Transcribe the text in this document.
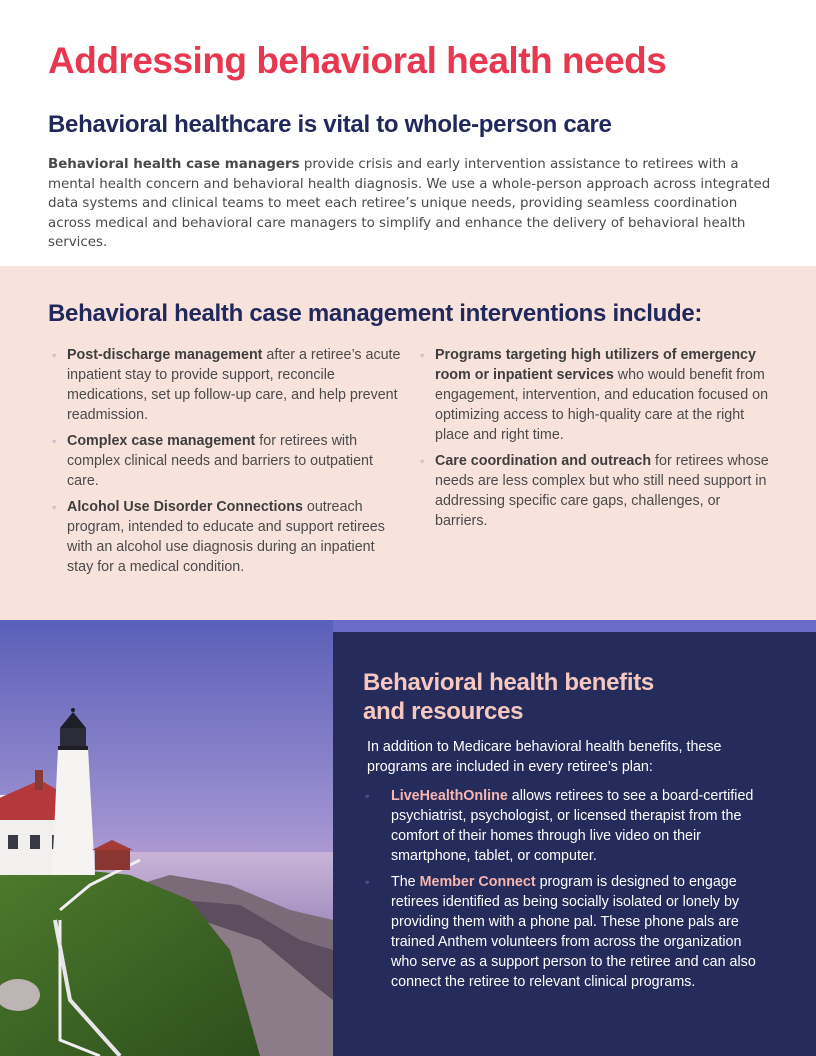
Addressing behavioral health needs
Behavioral healthcare is vital to whole-person care

Behavioral health case managers provide crisis and early intervention assistance to retirees with a mental health concern and behavioral health diagnosis. We use a whole-person approach across integrated data systems and clinical teams to meet each retiree’s unique needs, providing seamless coordination across medical and behavioral care managers to simplify and enhance the delivery of behavioral health services.

Behavioral health case management interventions include:
◦ Post-discharge management after a retiree’s acute inpatient stay to provide support, reconcile medications, set up follow-up care, and help prevent readmission.
◦ Complex case management for retirees with complex clinical needs and barriers to outpatient care.
◦ Alcohol Use Disorder Connections outreach program, intended to educate and support retirees with an alcohol use diagnosis during an inpatient stay for a medical condition.
◦ Programs targeting high utilizers of emergency room or inpatient services who would benefit from engagement, intervention, and education focused on optimizing access to high-quality care at the right place and right time.
◦ Care coordination and outreach for retirees whose needs are less complex but who still need support in addressing specific care gaps, challenges, or barriers.
Behavioral health benefits
and resources

In addition to Medicare behavioral health benefits, these programs are included in every retiree’s plan:

◦ LiveHealthOnline allows retirees to see a board-certified psychiatrist, psychologist, or licensed therapist from the comfort of their homes through live video on their smartphone, tablet, or computer.
◦ The Member Connect program is designed to engage retirees identified as being socially isolated or lonely by providing them with a phone pal. These phone pals are trained Anthem volunteers from across the organization who serve as a support person to the retiree and can also connect the retiree to relevant clinical programs.
